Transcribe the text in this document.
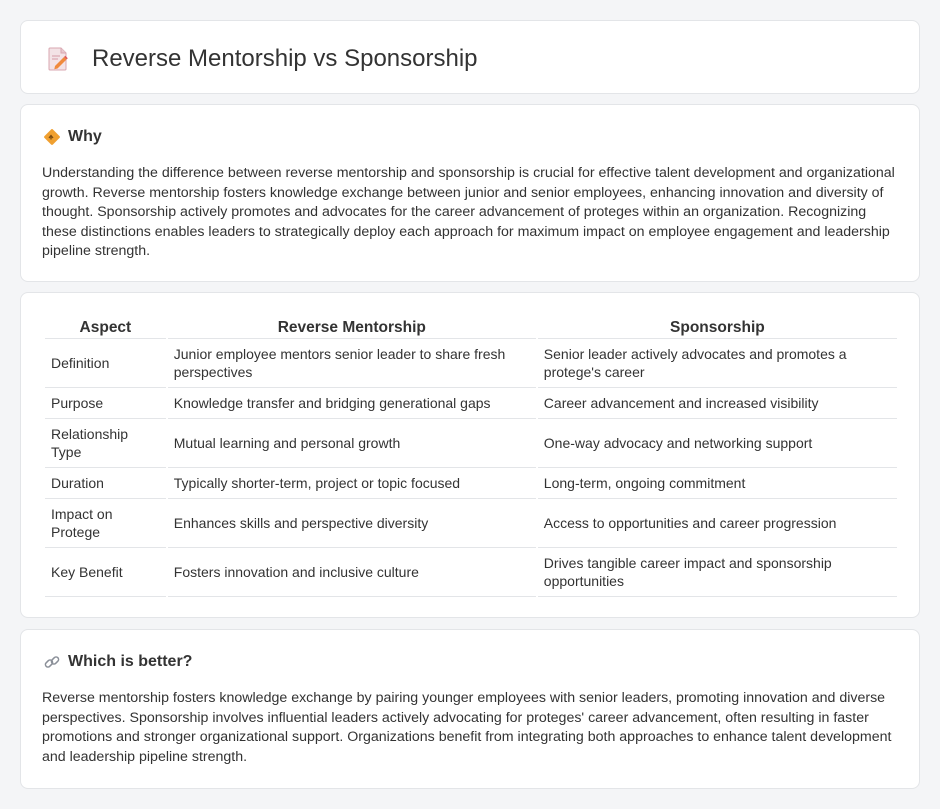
Reverse Mentorship vs Sponsorship
Why

Understanding the difference between reverse mentorship and sponsorship is crucial for effective talent development and organizational growth. Reverse mentorship fosters knowledge exchange between junior and senior employees, enhancing innovation and diversity of thought. Sponsorship actively promotes and advocates for the career advancement of proteges within an organization. Recognizing these distinctions enables leaders to strategically deploy each approach for maximum impact on employee engagement and leadership pipeline strength.

Aspect	Reverse Mentorship	Sponsorship
Definition	Junior employee mentors senior leader to share fresh perspectives	Senior leader actively advocates and promotes a protege's career
Purpose	Knowledge transfer and bridging generational gaps	Career advancement and increased visibility
Relationship Type	Mutual learning and personal growth	One-way advocacy and networking support
Duration	Typically shorter-term, project or topic focused	Long-term, ongoing commitment
Impact on Protege	Enhances skills and perspective diversity	Access to opportunities and career progression
Key Benefit	Fosters innovation and inclusive culture	Drives tangible career impact and sponsorship opportunities
Which is better?

Reverse mentorship fosters knowledge exchange by pairing younger employees with senior leaders, promoting innovation and diverse perspectives. Sponsorship involves influential leaders actively advocating for proteges' career advancement, often resulting in faster promotions and stronger organizational support. Organizations benefit from integrating both approaches to enhance talent development and leadership pipeline strength.
